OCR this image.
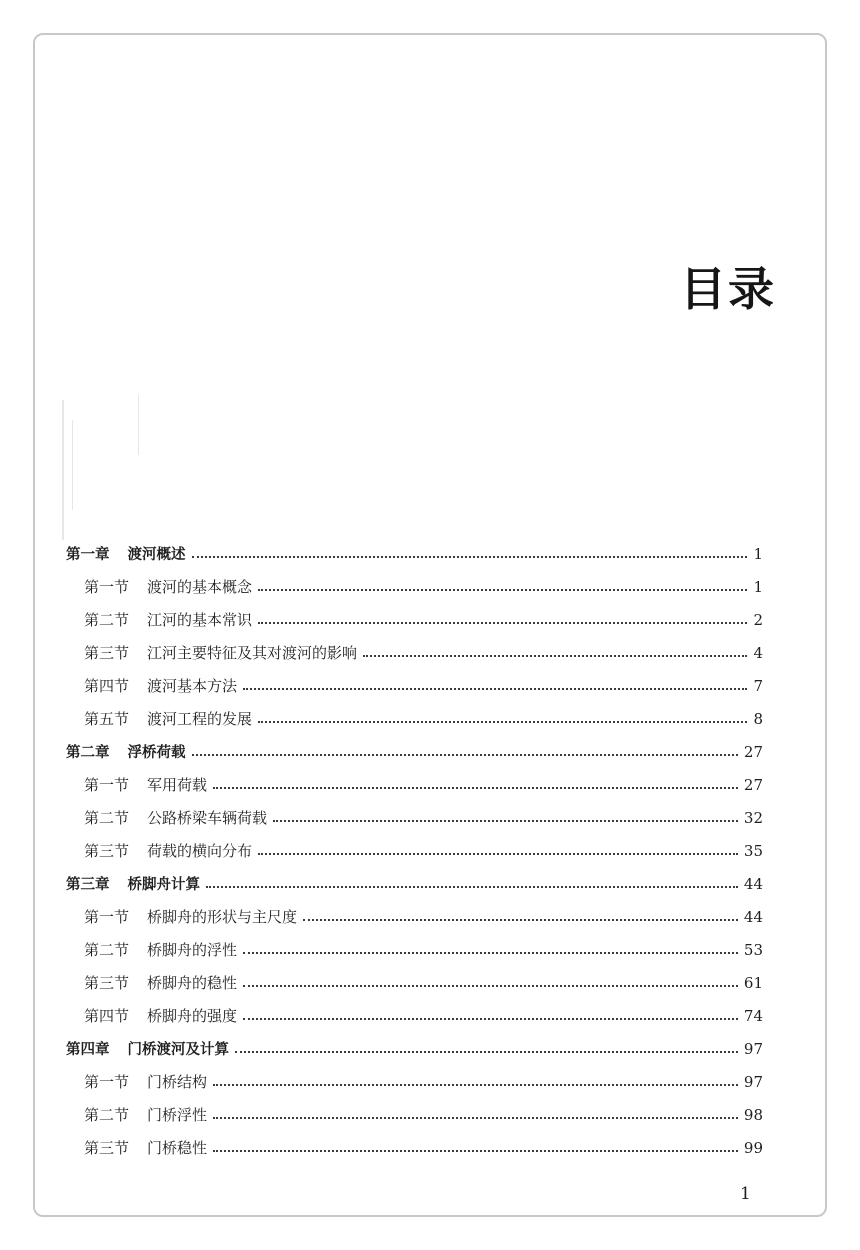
目录
第一章 渡河概述	1
第一节 渡河的基本概念	1
第二节 江河的基本常识	2
第三节 江河主要特征及其对渡河的影响	4
第四节 渡河基本方法	7
第五节 渡河工程的发展	8
第二章 浮桥荷载	27
第一节 军用荷载	27
第二节 公路桥梁车辆荷载	32
第三节 荷载的横向分布	35
第三章 桥脚舟计算	44
第一节 桥脚舟的形状与主尺度	44
第二节 桥脚舟的浮性	53
第三节 桥脚舟的稳性	61
第四节 桥脚舟的强度	74
第四章 门桥渡河及计算	97
第一节 门桥结构	97
第二节 门桥浮性	98
第三节 门桥稳性	99
1
